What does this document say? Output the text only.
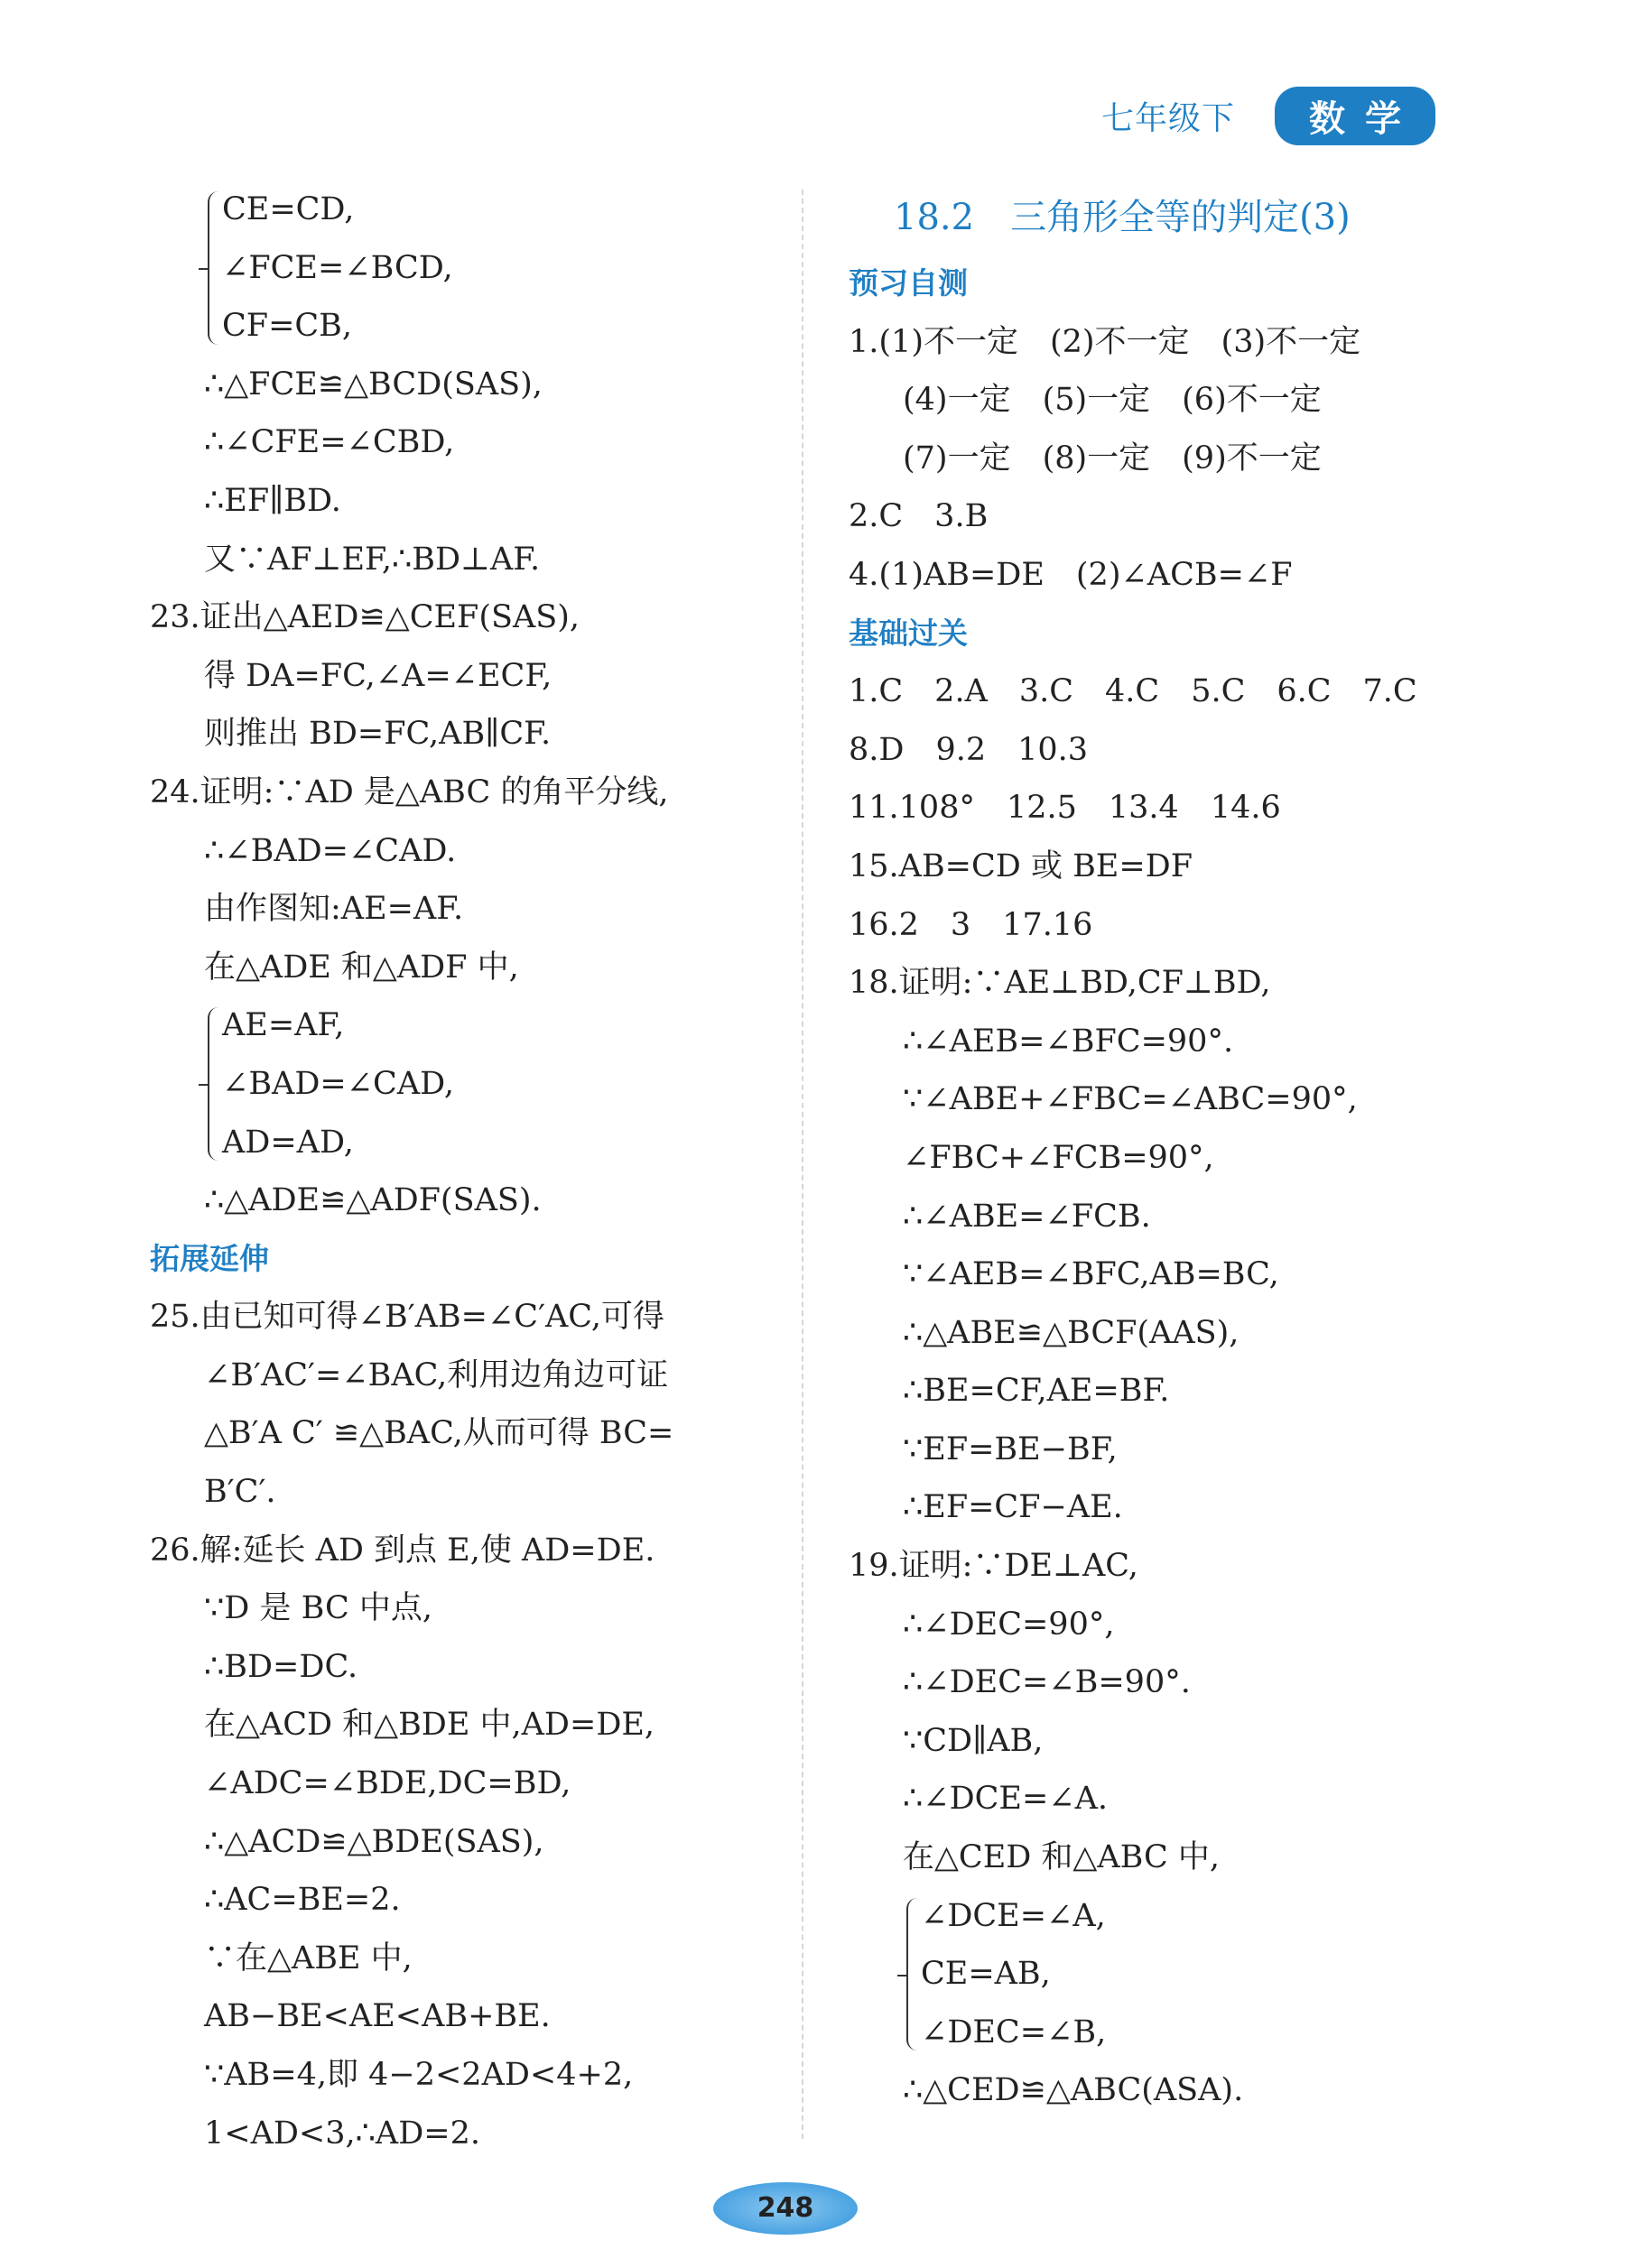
七年级下	数学
CE=CD,
∠FCE=∠BCD,
CF=CB,
∴△FCE≌△BCD(SAS),
∴∠CFE=∠CBD,
∴EF∥BD.
又∵AF⊥EF,∴BD⊥AF.
23.证出△AED≌△CEF(SAS),
得 DA=FC,∠A=∠ECF,
则推出 BD=FC,AB∥CF.
24.证明:∵AD 是△ABC 的角平分线,
∴∠BAD=∠CAD.
由作图知:AE=AF.
在△ADE 和△ADF 中,
AE=AF,
∠BAD=∠CAD,
AD=AD,
∴△ADE≌△ADF(SAS).
拓展延伸
25.由已知可得∠B′AB=∠C′AC,可得
∠B′AC′=∠BAC,利用边角边可证
△B′A C′ ≌△BAC,从而可得 BC=
B′C′.
26.解:延长 AD 到点 E,使 AD=DE.
∵D 是 BC 中点,
∴BD=DC.
在△ACD 和△BDE 中,AD=DE,
∠ADC=∠BDE,DC=BD,
∴△ACD≌△BDE(SAS),
∴AC=BE=2.
∵在△ABE 中,
AB−BE<AE<AB+BE.
∵AB=4,即 4−2<2AD<4+2,
1<AD<3,∴AD=2.
18.2 三角形全等的判定(3)
预习自测
1.(1)不一定　(2)不一定　(3)不一定
(4)一定　(5)一定　(6)不一定
(7)一定　(8)一定　(9)不一定
2.C　3.B
4.(1)AB=DE　(2)∠ACB=∠F
基础过关
1.C　2.A　3.C　4.C　5.C　6.C　7.C
8.D　9.2　10.3
11.108°　12.5　13.4　14.6
15.AB=CD 或 BE=DF
16.2　3　17.16
18.证明:∵AE⊥BD,CF⊥BD,
∴∠AEB=∠BFC=90°.
∵∠ABE+∠FBC=∠ABC=90°,
∠FBC+∠FCB=90°,
∴∠ABE=∠FCB.
∵∠AEB=∠BFC,AB=BC,
∴△ABE≌△BCF(AAS),
∴BE=CF,AE=BF.
∵EF=BE−BF,
∴EF=CF−AE.
19.证明:∵DE⊥AC,
∴∠DEC=90°,
∴∠DEC=∠B=90°.
∵CD∥AB,
∴∠DCE=∠A.
在△CED 和△ABC 中,
∠DCE=∠A,
CE=AB,
∠DEC=∠B,
∴△CED≌△ABC(ASA).
248
